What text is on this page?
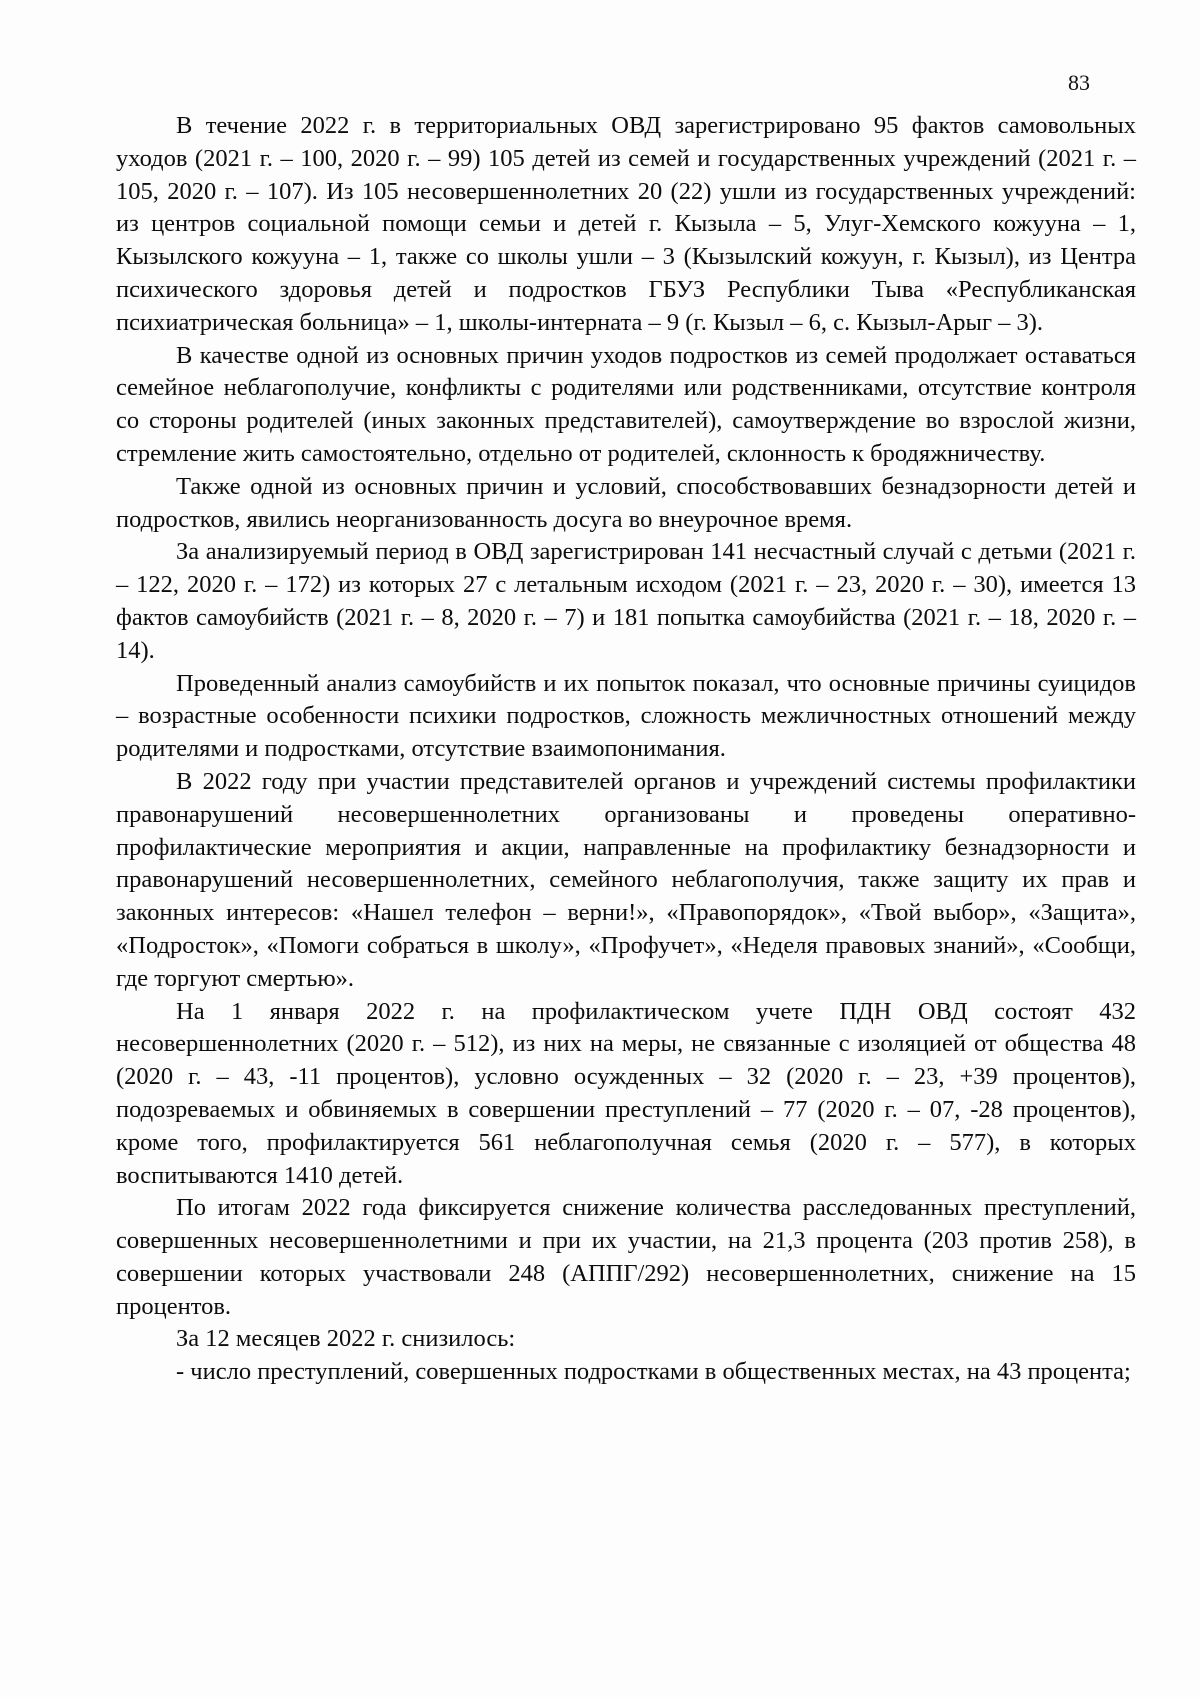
83

В течение 2022 г. в территориальных ОВД зарегистрировано 95 фактов самовольных уходов (2021 г. – 100, 2020 г. – 99) 105 детей из семей и государственных учреждений (2021 г. – 105, 2020 г. – 107). Из 105 несовершеннолетних 20 (22) ушли из государственных учреждений: из центров социальной помощи семьи и детей г. Кызыла – 5, Улуг-Хемского кожууна – 1, Кызылского кожууна – 1, также со школы ушли – 3 (Кызылский кожуун, г. Кызыл), из Центра психического здоровья детей и подростков ГБУЗ Республики Тыва «Республиканская психиатрическая больница» – 1, школы-интерната – 9 (г. Кызыл – 6, с. Кызыл-Арыг – 3).

В качестве одной из основных причин уходов подростков из семей продолжает оставаться семейное неблагополучие, конфликты с родителями или родственниками, отсутствие контроля со стороны родителей (иных законных представителей), самоутверждение во взрослой жизни, стремление жить самостоятельно, отдельно от родителей, склонность к бродяжничеству.

Также одной из основных причин и условий, способствовавших безнадзорности детей и подростков, явились неорганизованность досуга во внеурочное время.

За анализируемый период в ОВД зарегистрирован 141 несчастный случай с детьми (2021 г. – 122, 2020 г. – 172) из которых 27 с летальным исходом (2021 г. – 23, 2020 г. – 30), имеется 13 фактов самоубийств (2021 г. – 8, 2020 г. – 7) и 181 попытка самоубийства (2021 г. – 18, 2020 г. – 14).

Проведенный анализ самоубийств и их попыток показал, что основные причины суицидов – возрастные особенности психики подростков, сложность межличностных отношений между родителями и подростками, отсутствие взаимопонимания.

В 2022 году при участии представителей органов и учреждений системы профилактики правонарушений несовершеннолетних организованы и проведены оперативно-профилактические мероприятия и акции, направленные на профилактику безнадзорности и правонарушений несовершеннолетних, семейного неблагополучия, также защиту их прав и законных интересов: «Нашел телефон – верни!», «Правопорядок», «Твой выбор», «Защита», «Подросток», «Помоги собраться в школу», «Профучет», «Неделя правовых знаний», «Сообщи, где торгуют смертью».

На 1 января 2022 г. на профилактическом учете ПДН ОВД состоят 432 несовершеннолетних (2020 г. – 512), из них на меры, не связанные с изоляцией от общества 48 (2020 г. – 43, -11 процентов), условно осужденных – 32 (2020 г. – 23, +39 процентов), подозреваемых и обвиняемых в совершении преступлений – 77 (2020 г. – 07, -28 процентов), кроме того, профилактируется 561 неблагополучная семья (2020 г. – 577), в которых воспитываются 1410 детей.

По итогам 2022 года фиксируется снижение количества расследованных преступлений, совершенных несовершеннолетними и при их участии, на 21,3 процента (203 против 258), в совершении которых участвовали 248 (АППГ/292) несовершеннолетних, снижение на 15 процентов.

За 12 месяцев 2022 г. снизилось:

- число преступлений, совершенных подростками в общественных местах, на 43 процента;
